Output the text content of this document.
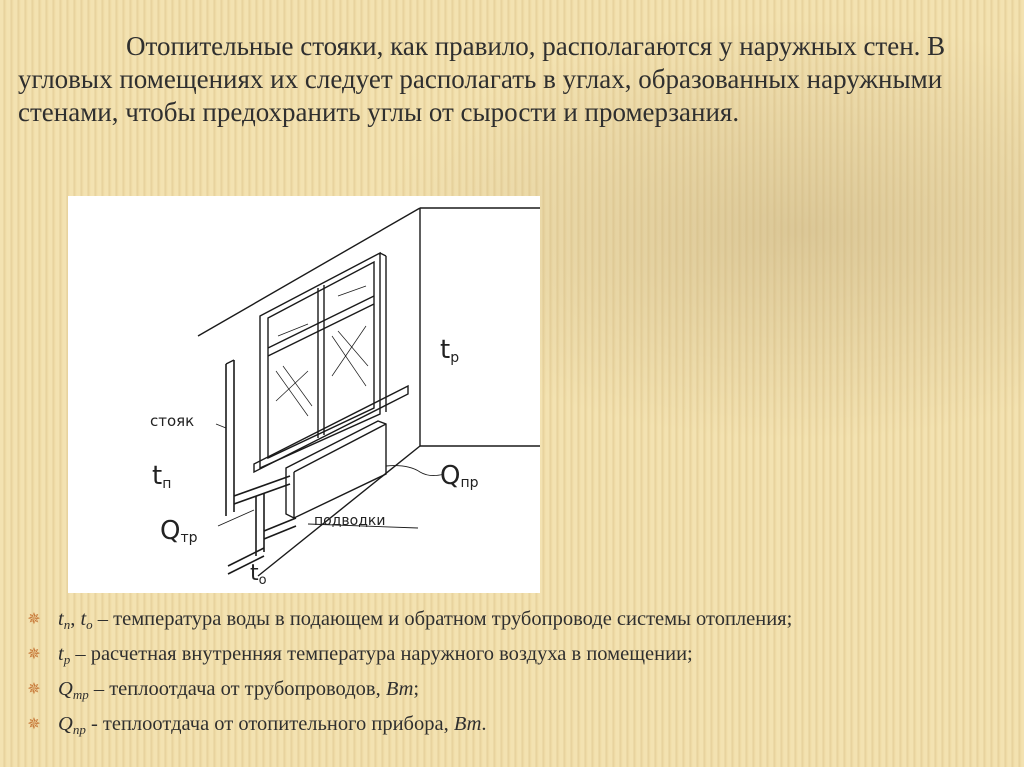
Отопительные стояки, как правило, располагаются у наружных стен. В угловых помещениях их следует располагать в углах, образованных наружными стенами, чтобы предохранить углы от сырости и промерзания.

стояк
tр
tп
Qтр
Qпр
подводки
tо
✵ $t_п$, $t_о$ – температура воды в подающем и обратном трубопроводе системы отопления;
✵ $t_р$ – расчетная внутренняя температура наружного воздуха в помещении;
✵ $Q_{тр}$ – теплоотдача от трубопроводов, Вт;
✵ $Q_{пр}$ - теплоотдача от отопительного прибора, Вт.
